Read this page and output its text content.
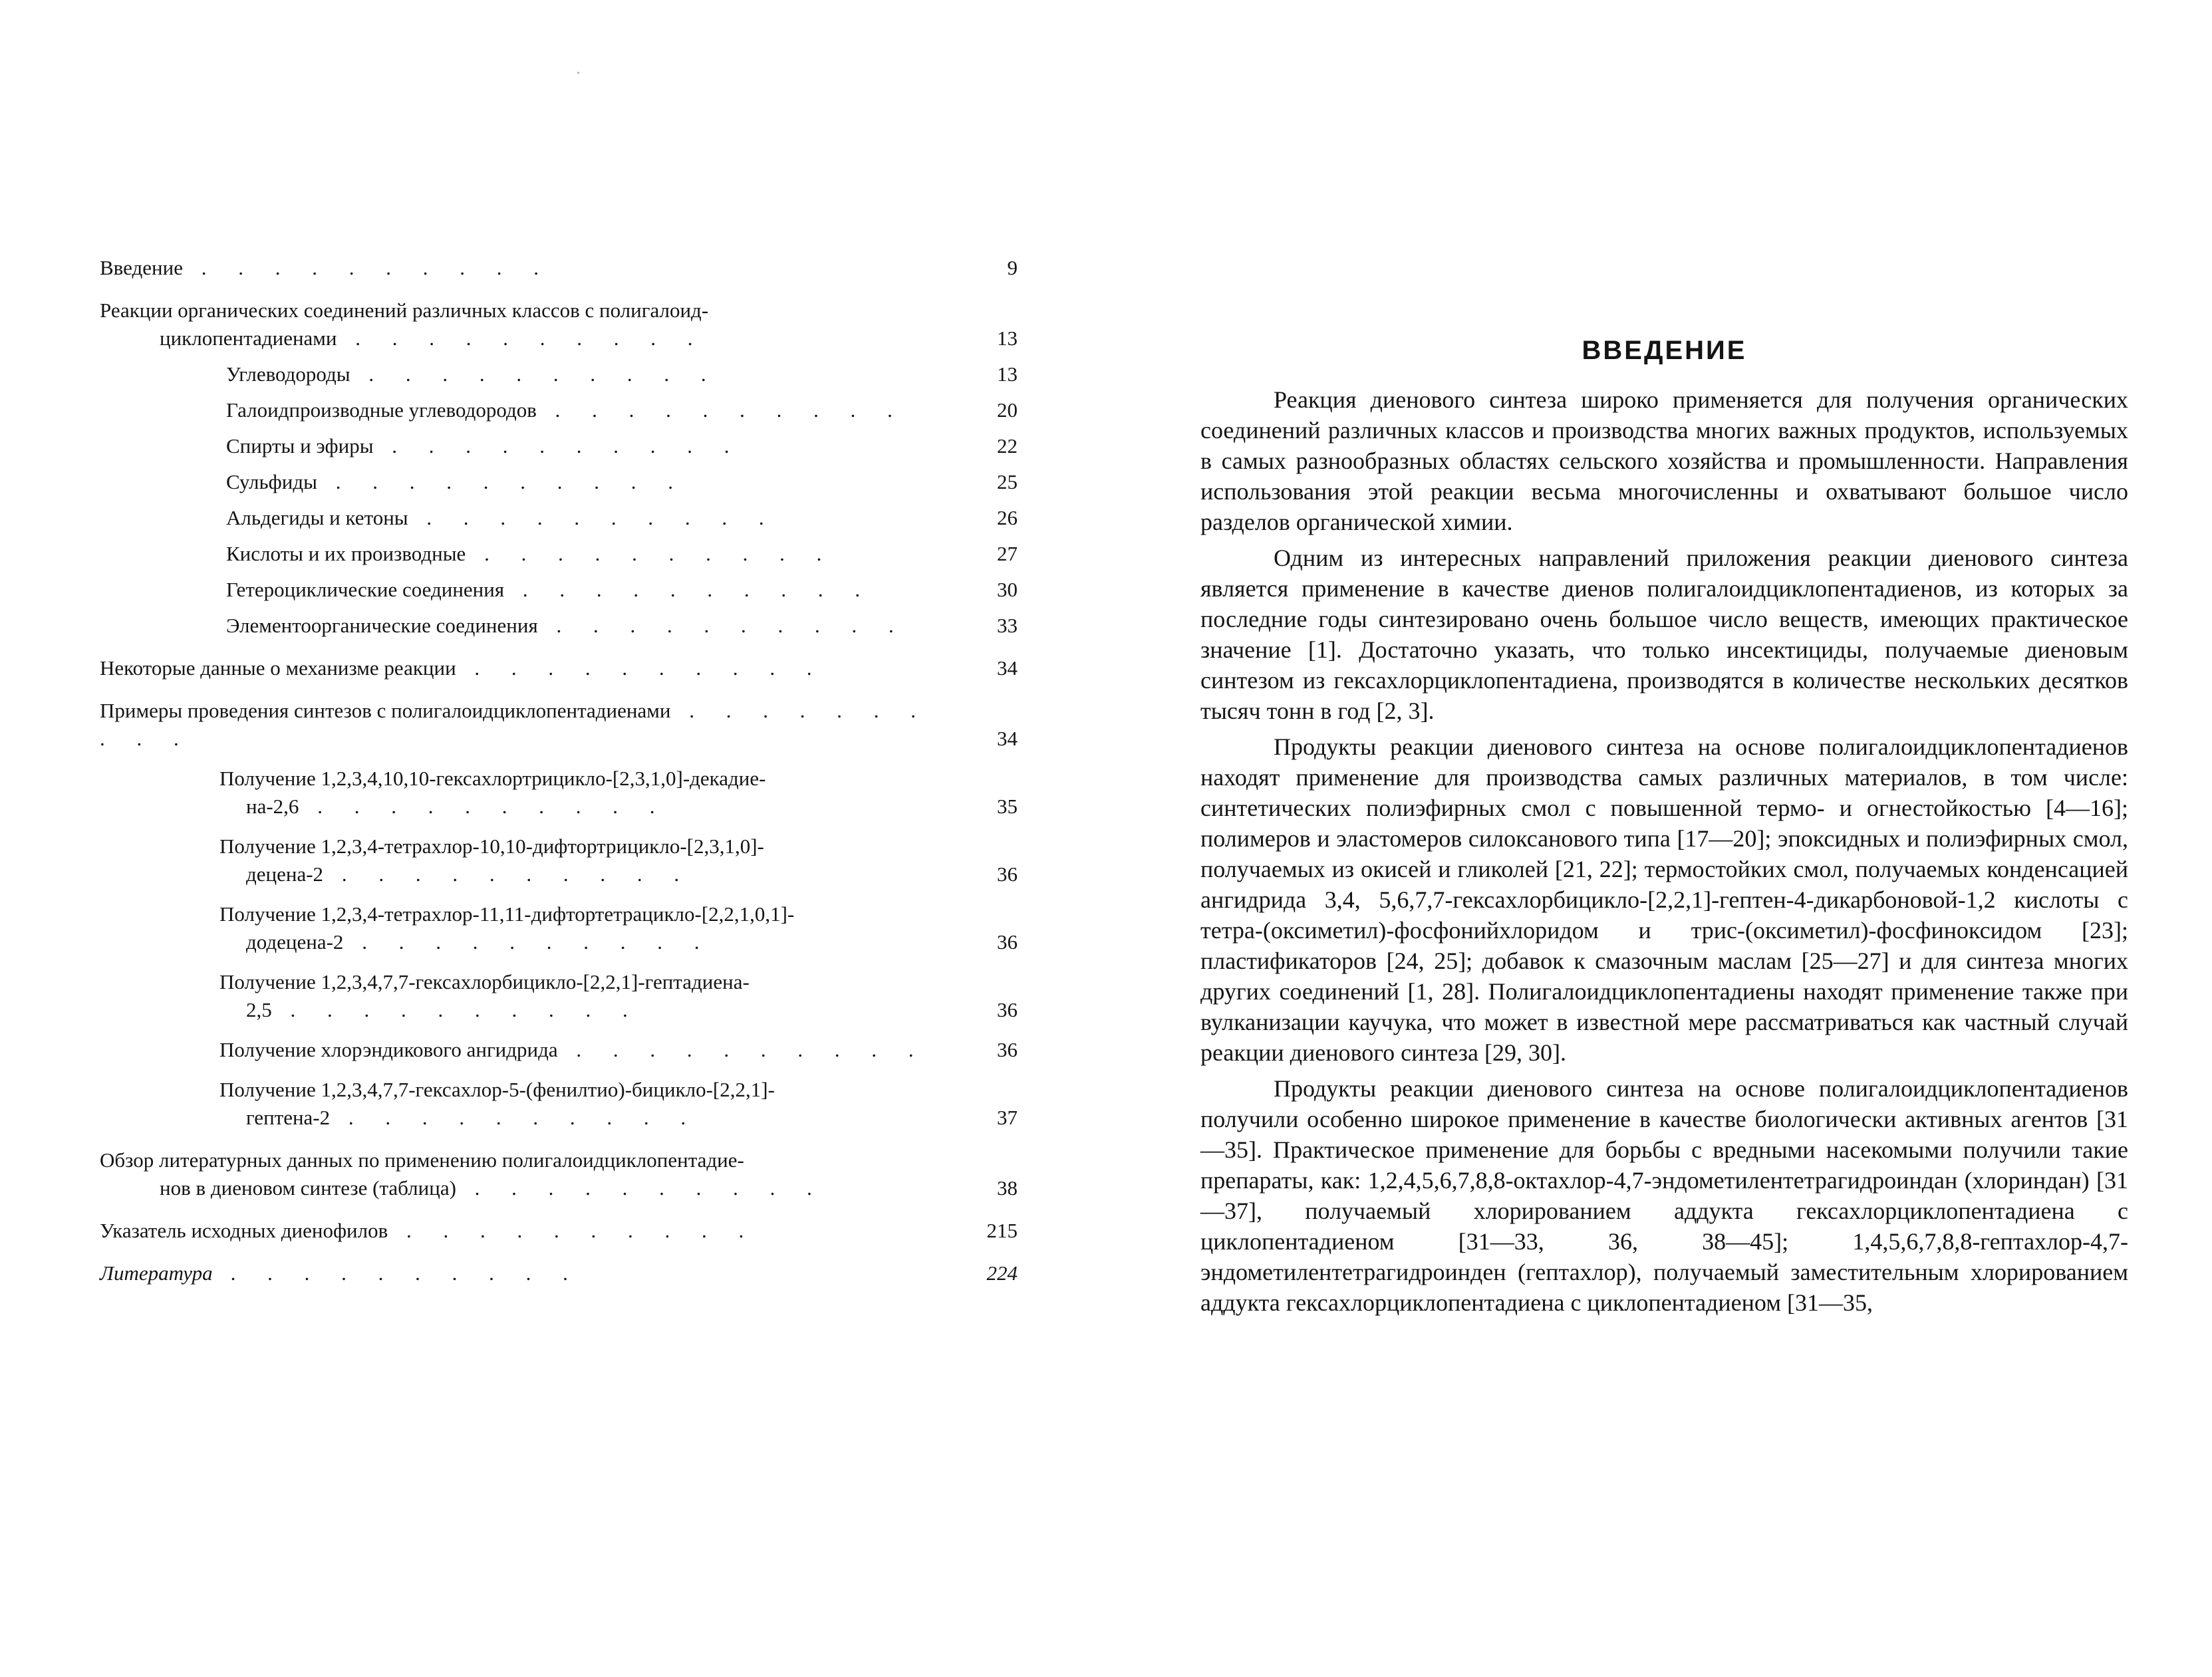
Введение . . . . . . . . . .	9
Реакции органических соединений различных классов с полигалоид-
циклопентадиенами . . . . . . . . . .	13
Углеводороды . . . . . . . . . .	13
Галоидпроизводные углеводородов . . . . . . . . . .	20
Спирты и эфиры . . . . . . . . . .	22
Сульфиды . . . . . . . . . .	25
Альдегиды и кетоны . . . . . . . . . .	26
Кислоты и их производные . . . . . . . . . .	27
Гетероциклические соединения . . . . . . . . . .	30
Элементоорганические соединения . . . . . . . . . .	33
Некоторые данные о механизме реакции . . . . . . . . . .	34
Примеры проведения синтезов с полигалоидциклопентадиенами . . . . . . . . . .	34
Получение 1,2,3,4,10,10-гексахлортрицикло-[2,3,1,0]-декадие-
на-2,6 . . . . . . . . . .	35
Получение 1,2,3,4-тетрахлор-10,10-дифтортрицикло-[2,3,1,0]-
децена-2 . . . . . . . . . .	36
Получение 1,2,3,4-тетрахлор-11,11-дифтортетрацикло-[2,2,1,0,1]-
додецена-2 . . . . . . . . . .	36
Получение 1,2,3,4,7,7-гексахлорбицикло-[2,2,1]-гептадиена-
2,5 . . . . . . . . . .	36
Получение хлорэндикового ангидрида . . . . . . . . . .	36
Получение 1,2,3,4,7,7-гексахлор-5-(фенилтио)-бицикло-[2,2,1]-
гептена-2 . . . . . . . . . .	37
Обзор литературных данных по применению полигалоидциклопентадие-
нов в диеновом синтезе (таблица) . . . . . . . . . .	38
Указатель исходных диенофилов . . . . . . . . . .	215
Литература . . . . . . . . . .	224
ВВЕДЕНИЕ

Реакция диенового синтеза широко применяется для получения органических соединений различных классов и производства многих важных продуктов, используемых в самых разнообразных областях сельского хозяйства и промышленности. Направления использования этой реакции весьма многочисленны и охватывают большое число разделов органической химии.

Одним из интересных направлений приложения реакции диенового синтеза является применение в качестве диенов полигалоидциклопентадиенов, из которых за последние годы синтезировано очень большое число веществ, имеющих практическое значение [1]. Достаточно указать, что только инсектициды, получаемые диеновым синтезом из гексахлорциклопентадиена, производятся в количестве нескольких десятков тысяч тонн в год [2, 3].

Продукты реакции диенового синтеза на основе полигалоидциклопентадиенов находят применение для производства самых различных материалов, в том числе: синтетических полиэфирных смол с повышенной термо- и огнестойкостью [4—16]; полимеров и эластомеров силоксанового типа [17—20]; эпоксидных и полиэфирных смол, получаемых из окисей и гликолей [21, 22]; термостойких смол, получаемых конденсацией ангидрида 3,4, 5,6,7,7-гексахлорбицикло-[2,2,1]-гептен-4-дикарбоновой-1,2 кислоты с тетра-(оксиметил)-фосфонийхлоридом и трис-(оксиметил)-фосфиноксидом [23]; пластификаторов [24, 25]; добавок к смазочным маслам [25—27] и для синтеза многих других соединений [1, 28]. Полигалоидциклопентадиены находят применение также при вулканизации каучука, что может в известной мере рассматриваться как частный случай реакции диенового синтеза [29, 30].

Продукты реакции диенового синтеза на основе полигалоидциклопентадиенов получили особенно широкое применение в качестве биологически активных агентов [31—35]. Практическое применение для борьбы с вредными насекомыми получили такие препараты, как: 1,2,4,5,6,7,8,8-октахлор-4,7-эндометилентетрагидроиндан (хлориндан) [31—37], получаемый хлорированием аддукта гексахлорциклопентадиена с циклопентадиеном [31—33, 36, 38—45]; 1,4,5,6,7,8,8-гептахлор-4,7-эндометилентетрагидроинден (гептахлор), получаемый заместительным хлорированием аддукта гексахлорциклопентадиена с циклопентадиеном [31—35,
